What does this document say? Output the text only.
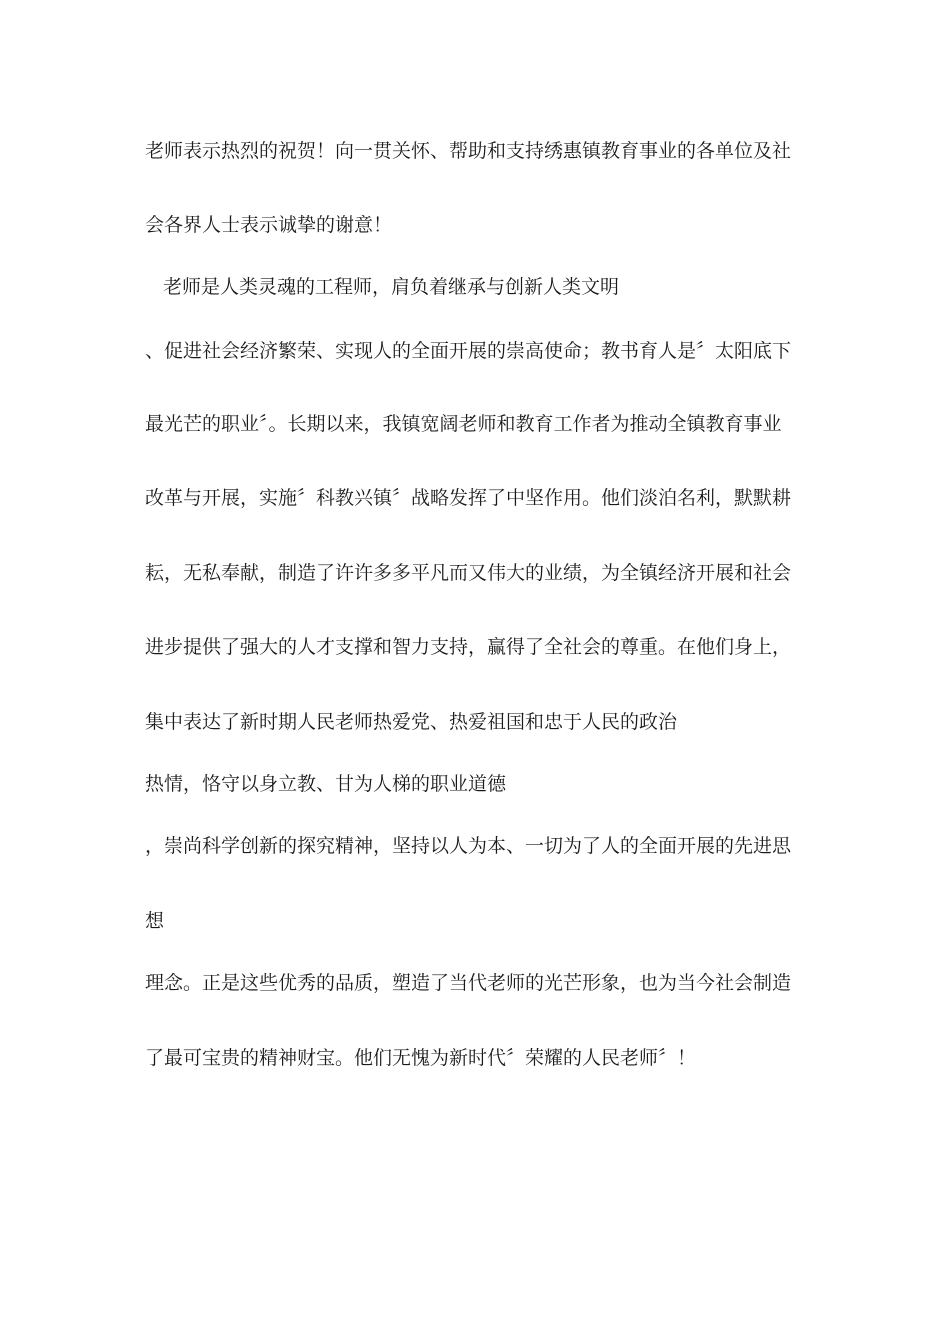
老师表示热烈的祝贺！向一贯关怀、帮助和支持绣惠镇教育事业的各单位及社
会各界人士表示诚挚的谢意！
老师是人类灵魂的工程师，肩负着继承与创新人类文明
、促进社会经济繁荣、实现人的全面开展的崇高使命；教书育人是〞太阳底下
最光芒的职业〞。长期以来，我镇宽阔老师和教育工作者为推动全镇教育事业
改革与开展，实施〞科教兴镇〞战略发挥了中坚作用。他们淡泊名利，默默耕
耘，无私奉献，制造了许许多多平凡而又伟大的业绩，为全镇经济开展和社会
进步提供了强大的人才支撑和智力支持，赢得了全社会的尊重。在他们身上，
集中表达了新时期人民老师热爱党、热爱祖国和忠于人民的政治
热情，恪守以身立教、甘为人梯的职业道德
，崇尚科学创新的探究精神，坚持以人为本、一切为了人的全面开展的先进思
想
理念。正是这些优秀的品质，塑造了当代老师的光芒形象，也为当今社会制造
了最可宝贵的精神财宝。他们无愧为新时代〞荣耀的人民老师〞！
